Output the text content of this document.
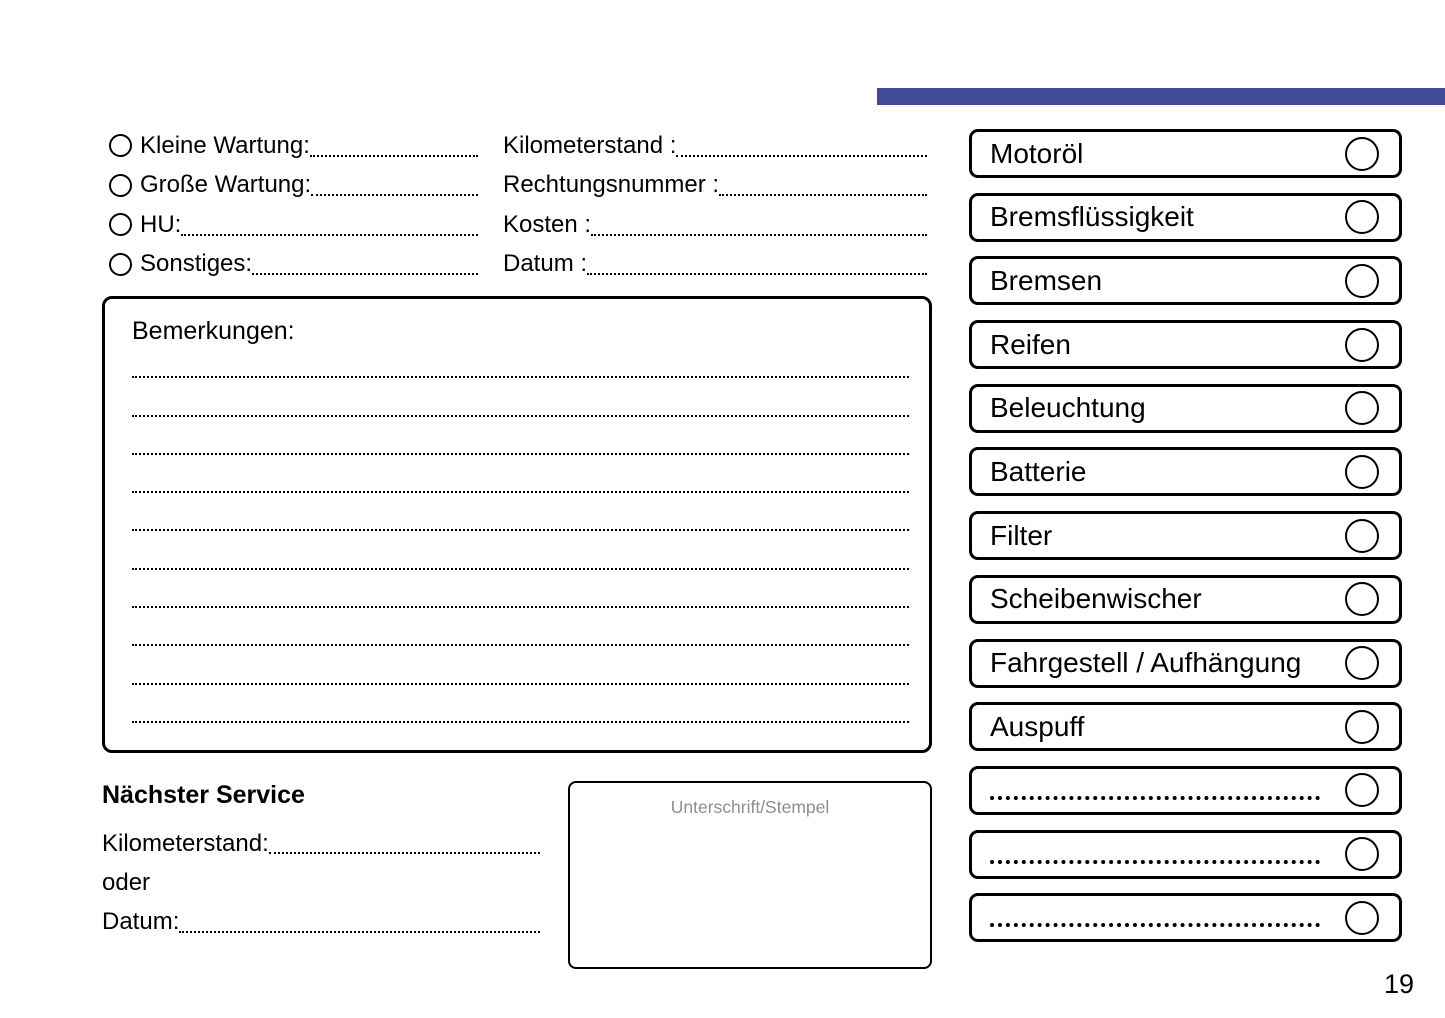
Kleine Wartung:
Große Wartung:
HU:
Sonstiges:
Kilometerstand :
Rechtungsnummer :
Kosten :
Datum :
Bemerkungen:
Nächster Service
Kilometerstand:
oder
Datum:
Unterschrift/Stempel
Motoröl
Bremsflüssigkeit
Bremsen
Reifen
Beleuchtung
Batterie
Filter
Scheibenwischer
Fahrgestell / Aufhängung
Auspuff
19
